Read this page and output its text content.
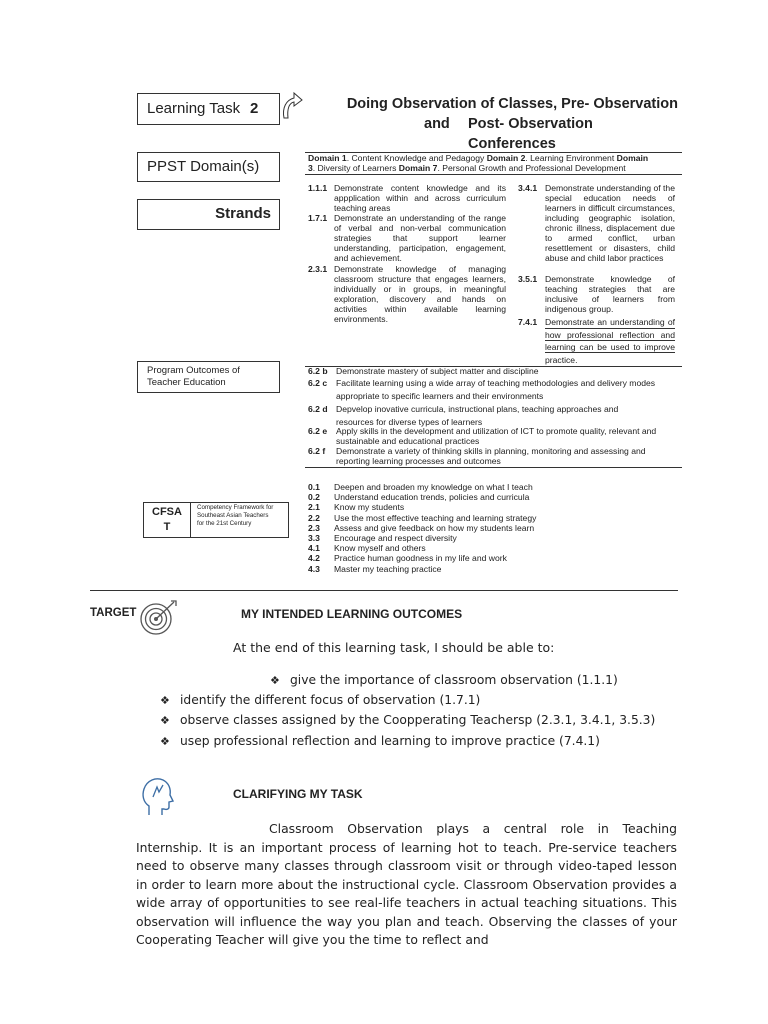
Learning Task 2	Doing Observation of Classes, Pre- Observation
and Post- Observation Conferences
PPST Domain(s)	Domain 1. Content Knowledge and Pedagogy Domain 2. Learning Environment Domain
3. Diversity of Learners Domain 7. Personal Growth and Professional Development
Strands
1.1.1 Demonstrate content knowledge and its appplication within and across curriculum teaching areas
1.7.1 Demonstrate an understanding of the range of verbal and non-verbal communication strategies that support learner understanding, participation, engagement, and achievement.
2.3.1 Demonstrate knowledge of managing classroom structure that engages learners, individually or in groups, in meaningful exploration, discovery and hands on activities within available learning environments.
3.4.1 Demonstrate understanding of the special education needs of learners in difficult circumstances, including geographic isolation, chronic illness, displacement due to armed conflict, urban resettlement or disasters, child abuse and child labor practices
3.5.1 Demonstrate knowledge of teaching strategies that are inclusive of learners from indigenous group.
7.4.1 Demonstrate an understanding of how professional reflection and learning can be used to improve practice.
Program Outcomes of
Teacher Education
6.2 b Demonstrate mastery of subject matter and discipline
6.2 c Facilitate learning using a wide array of teaching methodologies and delivery modes appropriate to specific learners and their environments
6.2 d Depvelop inovative curricula, instructional plans, teaching approaches and resources for diverse types of learners
6.2 e Apply skills in the development and utilization of ICT to promote quality, relevant and sustainable and educational practices
6.2 f Demonstrate a variety of thinking skills in planning, monitoring and assessing and reporting learning processes and outcomes
CFSA
T
Competency Framework for
Southeast Asian Teachers
for the 21st Century
0.1 Deepen and broaden my knowledge on what I teach
0.2 Understand education trends, policies and curricula
2.1 Know my students
2.2 Use the most effective teaching and learning strategy
2.3 Assess and give feedback on how my students learn
3.3 Encourage and respect diversity
4.1 Know myself and others
4.2 Practice human goodness in my life and work
4.3 Master my teaching practice
TARGET	MY INTENDED LEARNING OUTCOMES
At the end of this learning task, I should be able to:
❖ give the importance of classroom observation (1.1.1)
❖ identify the different focus of observation (1.7.1)
❖ observe classes assigned by the Coopperating Teachersp (2.3.1, 3.4.1, 3.5.3)
❖ usep professional reflection and learning to improve practice (7.4.1)
CLARIFYING MY TASK
Classroom Observation plays a central role in Teaching Internship. It is an important process of learning hot to teach. Pre-service teachers need to observe many classes through classroom visit or through video-taped lesson in order to learn more about the instructional cycle. Classroom Observation provides a wide array of opportunities to see real-life teachers in actual teaching situations. This observation will influence the way you plan and teach. Observing the classes of your Cooperating Teacher will give you the time to reflect and
